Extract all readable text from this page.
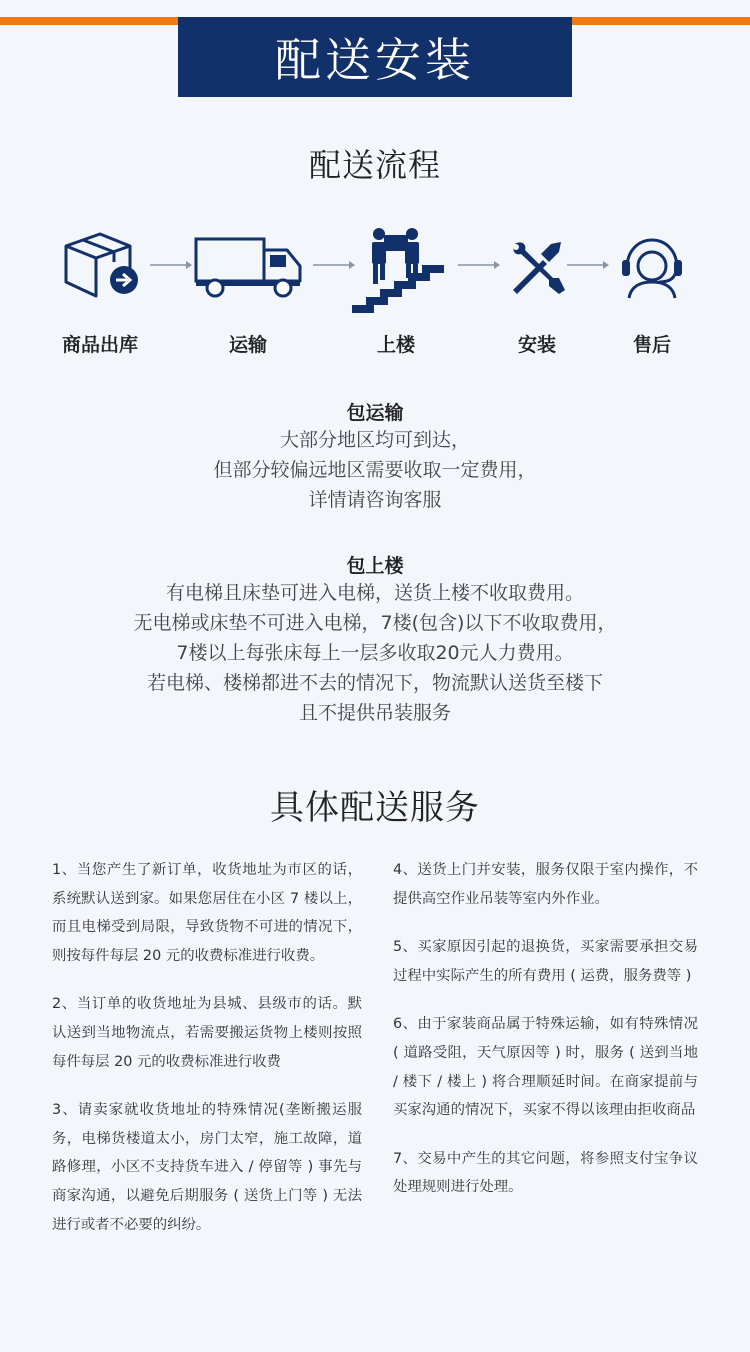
配送安装
配送流程
商品出库	运输	上楼	安装	售后
包运输
大部分地区均可到达，
但部分较偏远地区需要收取一定费用，
详情请咨询客服
包上楼
有电梯且床垫可进入电梯，送货上楼不收取费用。
无电梯或床垫不可进入电梯，7楼(包含)以下不收取费用，
7楼以上每张床每上一层多收取20元人力费用。
若电梯、楼梯都进不去的情况下，物流默认送货至楼下
且不提供吊装服务
具体配送服务
1、当您产生了新订单，收货地址为市区的话，系统默认送到家。如果您居住在小区 7 楼以上，而且电梯受到局限，导致货物不可进的情况下，则按每件每层 20 元的收费标准进行收费。
2、当订单的收货地址为县城、县级市的话。默认送到当地物流点，若需要搬运货物上楼则按照每件每层 20 元的收费标准进行收费
3、请卖家就收货地址的特殊情况(垄断搬运服务，电梯货楼道太小，房门太窄，施工故障，道路修理，小区不支持货车进入 / 停留等 ) 事先与商家沟通，以避免后期服务 ( 送货上门等 ) 无法进行或者不必要的纠纷。
4、送货上门并安装，服务仅限于室内操作，不提供高空作业吊装等室内外作业。
5、买家原因引起的退换货，买家需要承担交易过程中实际产生的所有费用 ( 运费，服务费等 )
6、由于家装商品属于特殊运输，如有特殊情况 ( 道路受阻，天气原因等 ) 时，服务 ( 送到当地 / 楼下 / 楼上 ) 将合理顺延时间。在商家提前与买家沟通的情况下，买家不得以该理由拒收商品
7、交易中产生的其它问题，将参照支付宝争议处理规则进行处理。
